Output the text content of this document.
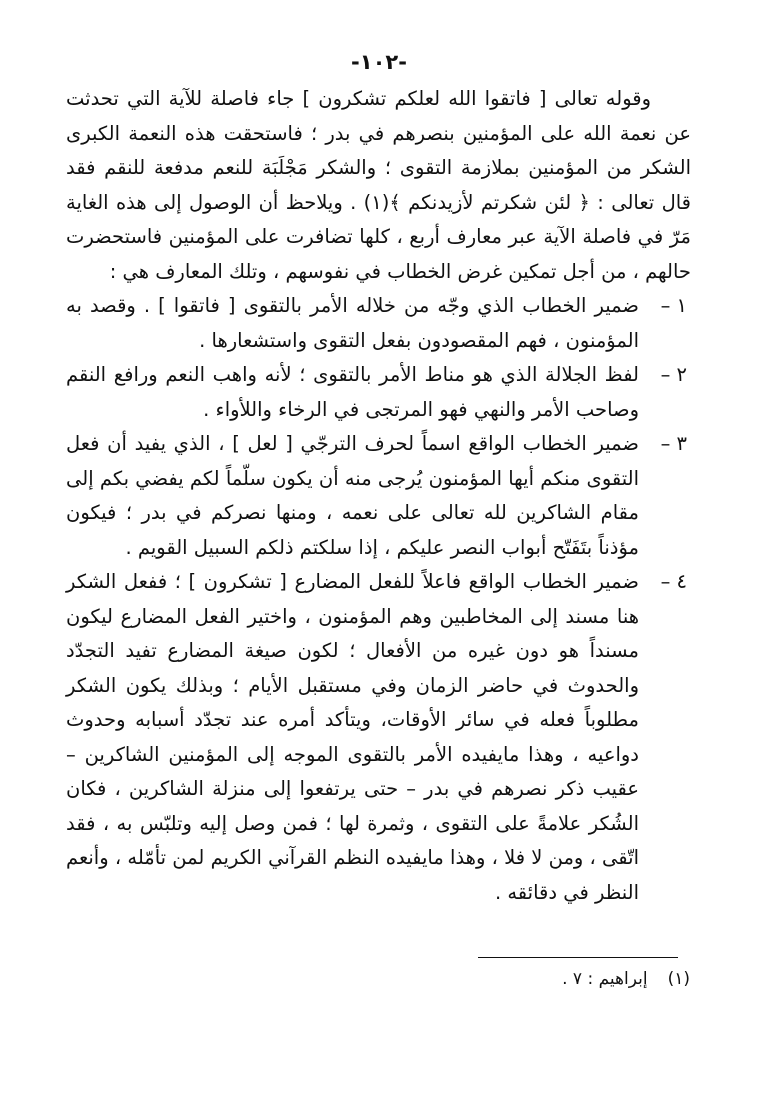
-١٠٢-

وقوله تعالى [ فاتقوا الله لعلكم تشكرون ] جاء فاصلة للآية التي تحدثت عن نعمة الله على المؤمنين بنصرهم في بدر ؛ فاستحقت هذه النعمة الكبرى الشكر من المؤمنين بملازمة التقوى ؛ والشكر مَجْلَبَة للنعم مدفعة للنقم فقد قال تعالى : ﴿ لئن شكرتم لأزيدنكم ﴾(١) . ويلاحظ أن الوصول إلى هذه الغاية مَرّ في فاصلة الآية عبر معارف أربع ، كلها تضافرت على المؤمنين فاستحضرت حالهم ، من أجل تمكين غرض الخطاب في نفوسهم ، وتلك المعارف هي :

١ –
ضمير الخطاب الذي وجّه من خلاله الأمر بالتقوى [ فاتقوا ] . وقصد به المؤمنون ، فهم المقصودون بفعل التقوى واستشعارها .
٢ –
لفظ الجلالة الذي هو مناط الأمر بالتقوى ؛ لأنه واهب النعم ورافع النقم وصاحب الأمر والنهي فهو المرتجى في الرخاء واللأواء .
٣ –
ضمير الخطاب الواقع اسماً لحرف الترجّي [ لعل ] ، الذي يفيد أن فعل التقوى منكم أيها المؤمنون يُرجى منه أن يكون سلّماً لكم يفضي بكم إلى مقام الشاكرين لله تعالى على نعمه ، ومنها نصركم في بدر ؛ فيكون مؤذناً بتَفَتّح أبواب النصر عليكم ، إذا سلكتم ذلكم السبيل القويم .
٤ –
ضمير الخطاب الواقع فاعلاً للفعل المضارع [ تشكرون ] ؛ ففعل الشكر هنا مسند إلى المخاطبين وهم المؤمنون ، واختير الفعل المضارع ليكون مسنداً هو دون غيره من الأفعال ؛ لكون صيغة المضارع تفيد التجدّد والحدوث في حاضر الزمان وفي مستقبل الأيام ؛ وبذلك يكون الشكر مطلوباً فعله في سائر الأوقات، ويتأكد أمره عند تجدّد أسبابه وحدوث دواعيه ، وهذا مايفيده الأمر بالتقوى الموجه إلى المؤمنين الشاكرين – عقيب ذكر نصرهم في بدر – حتى يرتفعوا إلى منزلة الشاكرين ، فكان الشُكر علامةً على التقوى ، وثمرة لها ؛ فمن وصل إليه وتلبّس به ، فقد اتّقى ، ومن لا فلا ، وهذا مايفيده النظم القرآني الكريم لمن تأمّله ، وأنعم النظر في دقائقه .
(١)إبراهيم : ٧ .
